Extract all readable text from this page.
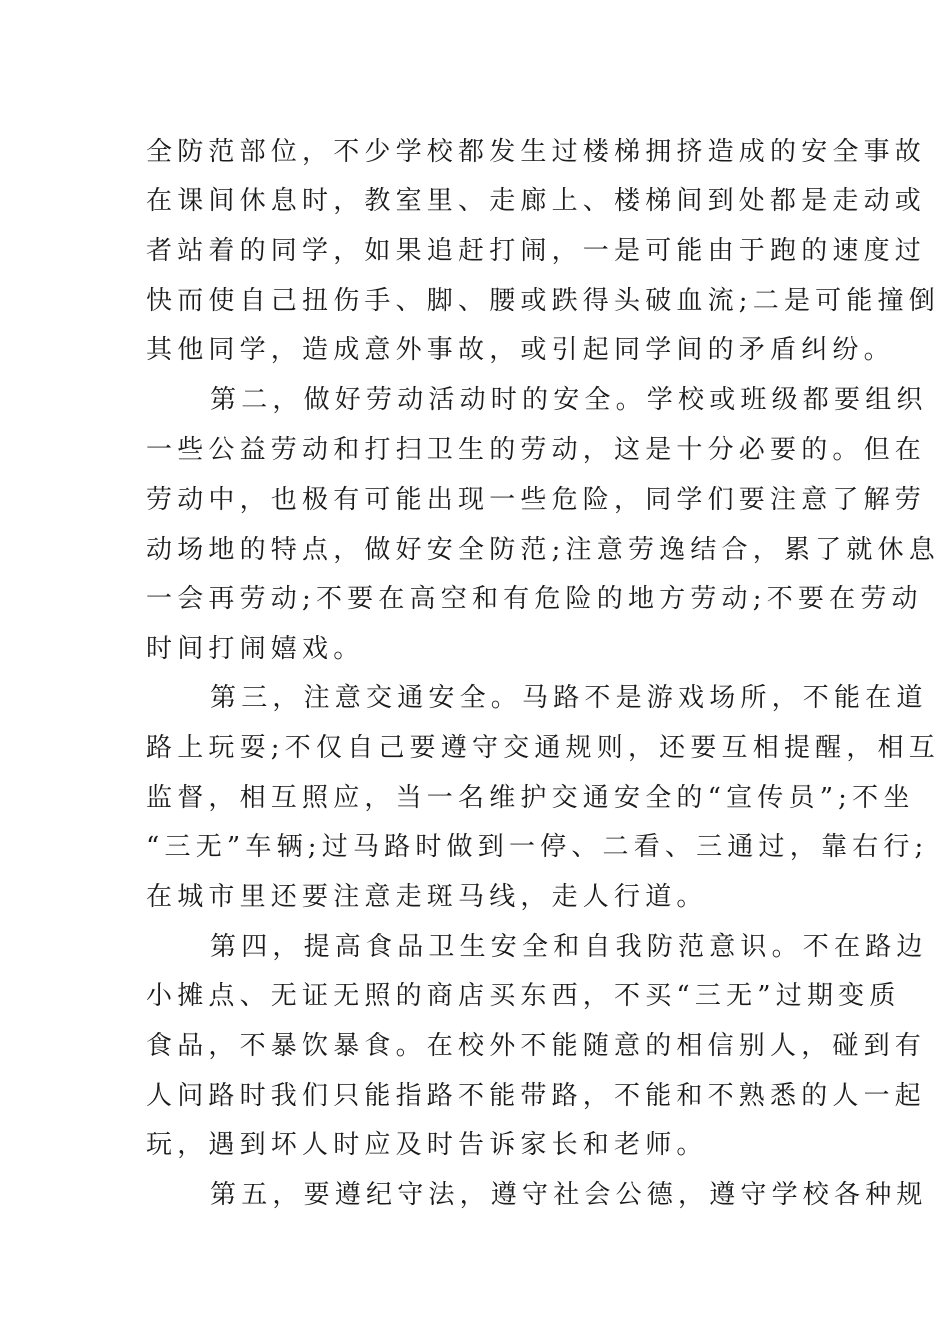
全防范部位，不少学校都发生过楼梯拥挤造成的安全事故
在课间休息时，教室里、走廊上、楼梯间到处都是走动或
者站着的同学，如果追赶打闹，一是可能由于跑的速度过
快而使自己扭伤手、脚、腰或跌得头破血流;二是可能撞倒
其他同学，造成意外事故，或引起同学间的矛盾纠纷。
第二，做好劳动活动时的安全。学校或班级都要组织
一些公益劳动和打扫卫生的劳动，这是十分必要的。但在
劳动中，也极有可能出现一些危险，同学们要注意了解劳
动场地的特点，做好安全防范;注意劳逸结合，累了就休息
一会再劳动;不要在高空和有危险的地方劳动;不要在劳动
时间打闹嬉戏。
第三，注意交通安全。马路不是游戏场所，不能在道
路上玩耍;不仅自己要遵守交通规则，还要互相提醒，相互
监督，相互照应，当一名维护交通安全的“宣传员”;不坐
“三无”车辆;过马路时做到一停、二看、三通过，靠右行;
在城市里还要注意走斑马线，走人行道。
第四，提高食品卫生安全和自我防范意识。不在路边
小摊点、无证无照的商店买东西，不买“三无”过期变质
食品，不暴饮暴食。在校外不能随意的相信别人，碰到有
人问路时我们只能指路不能带路，不能和不熟悉的人一起
玩，遇到坏人时应及时告诉家长和老师。
第五，要遵纪守法，遵守社会公德，遵守学校各种规
